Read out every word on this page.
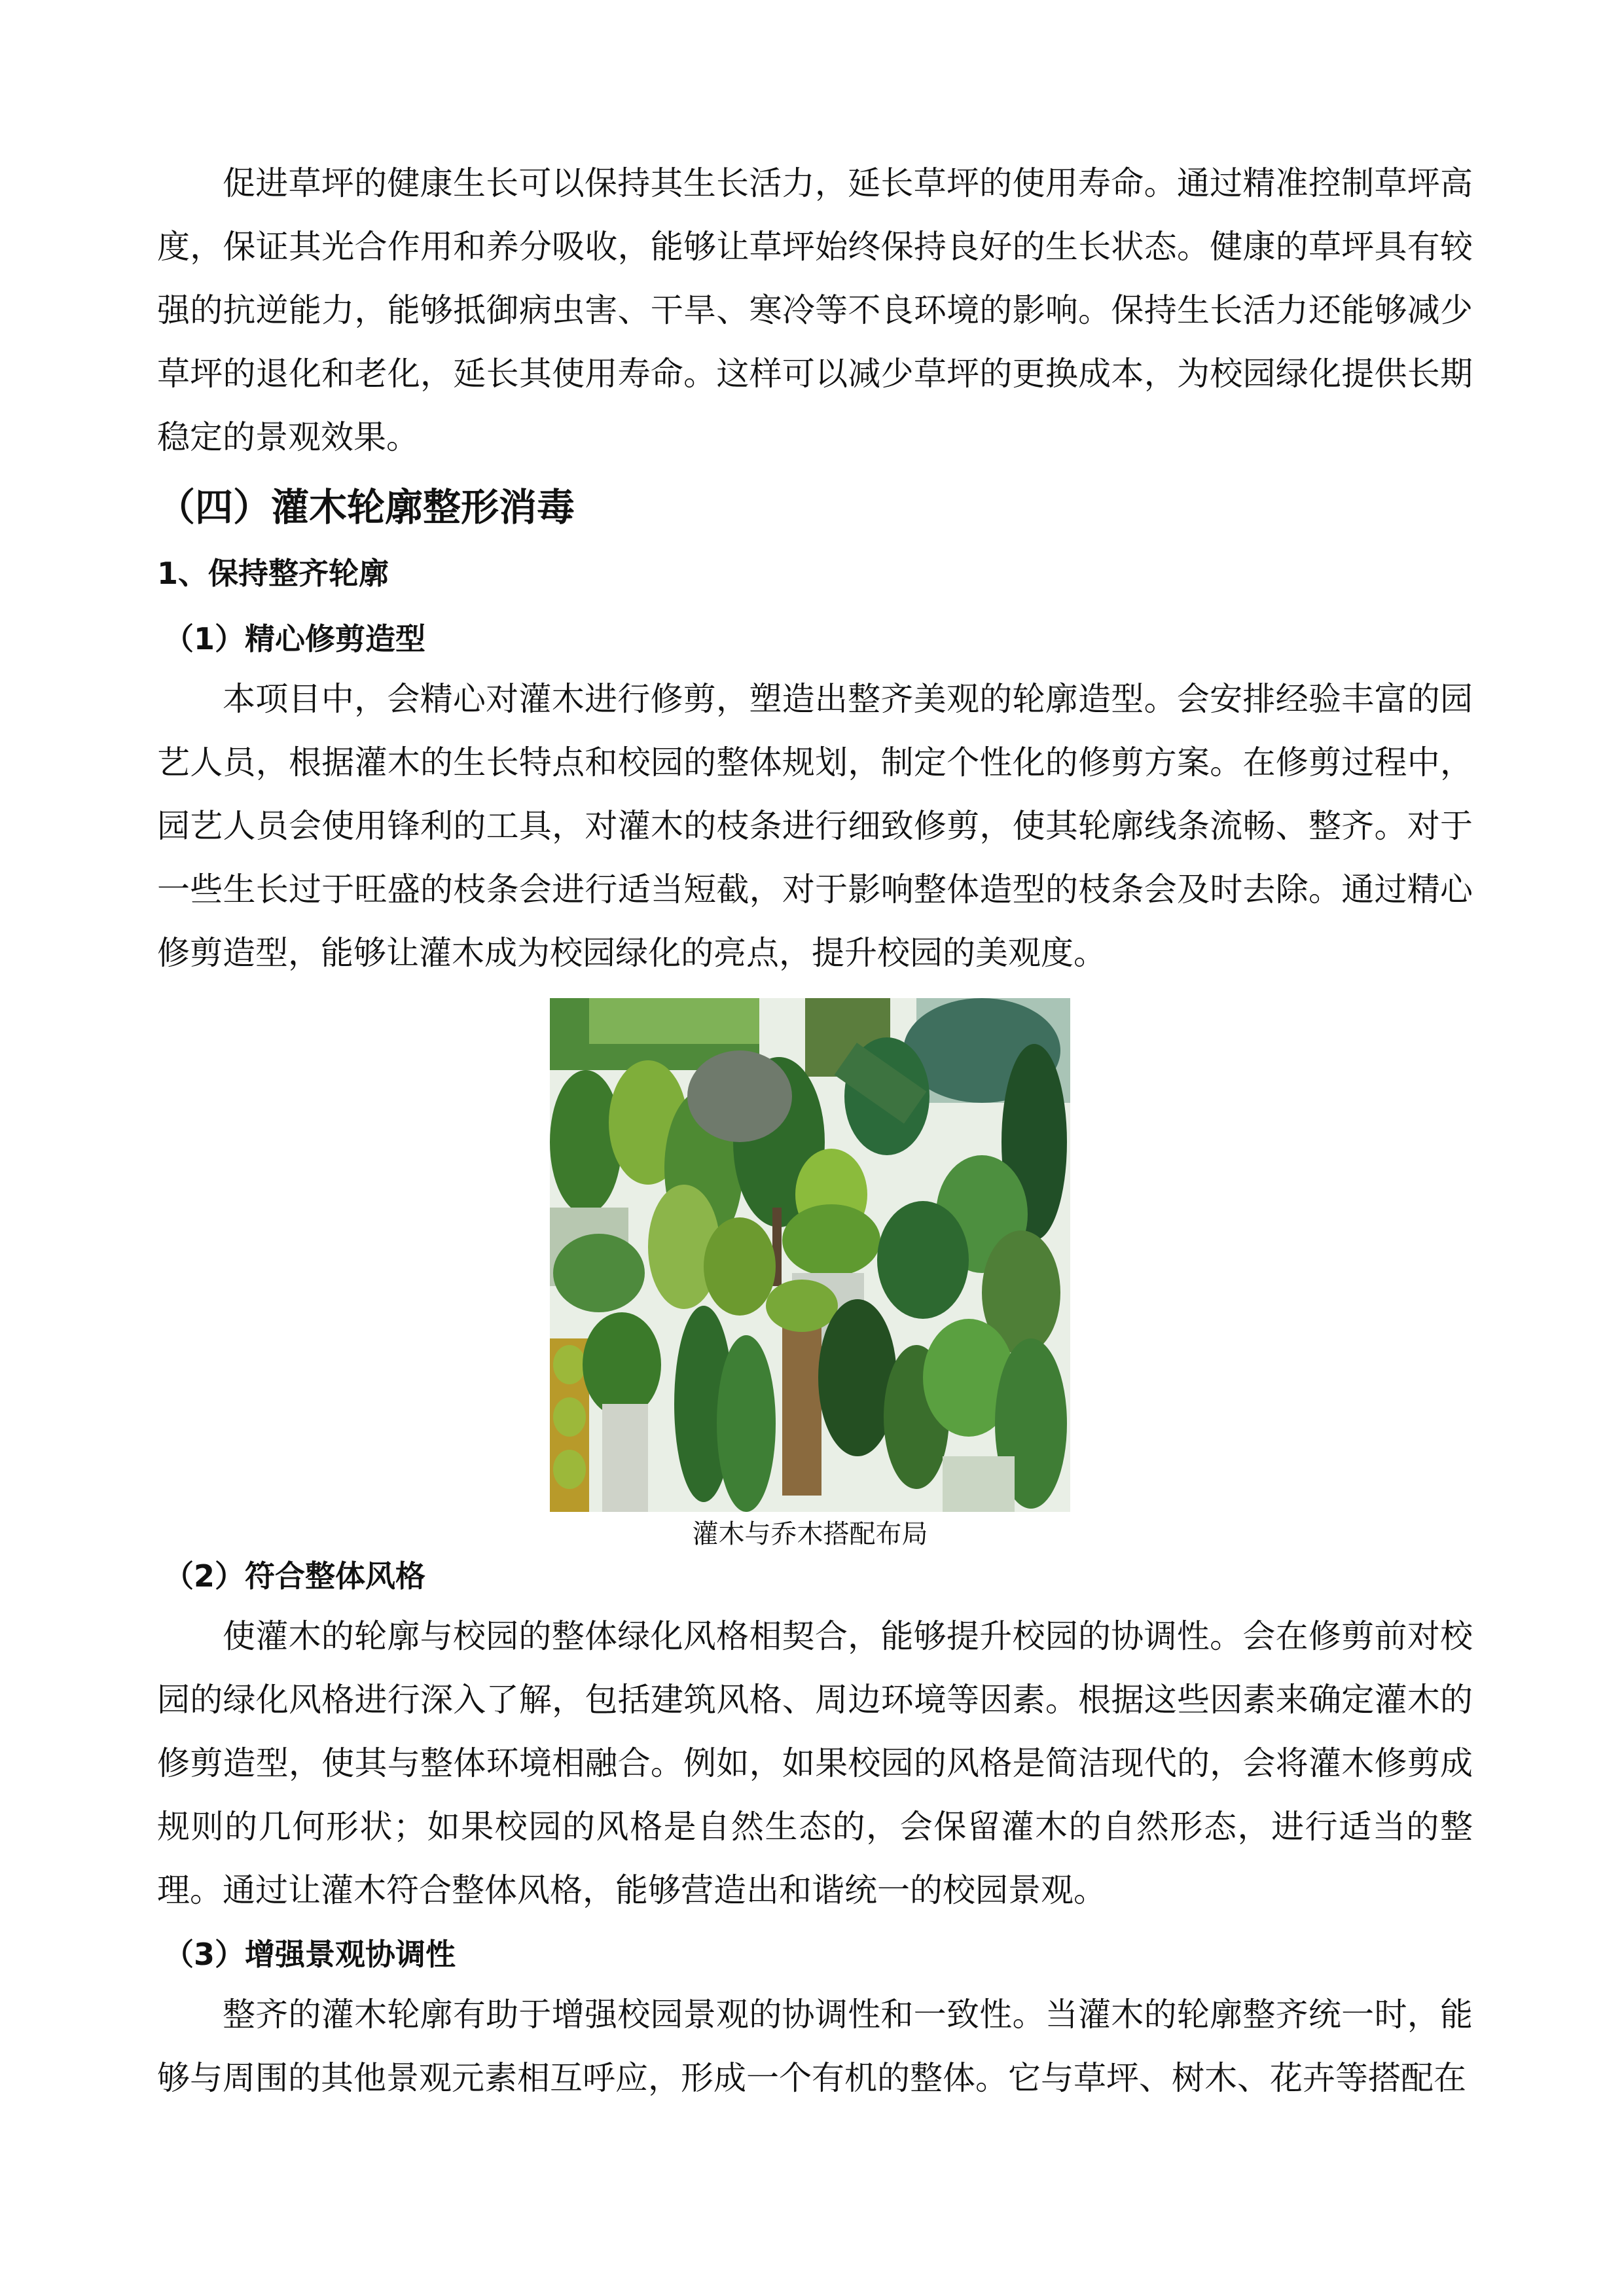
促进草坪的健康生长可以保持其生长活力，延长草坪的使用寿命。通过精准控制草坪高度，保证其光合作用和养分吸收，能够让草坪始终保持良好的生长状态。健康的草坪具有较强的抗逆能力，能够抵御病虫害、干旱、寒冷等不良环境的影响。保持生长活力还能够减少草坪的退化和老化，延长其使用寿命。这样可以减少草坪的更换成本，为校园绿化提供长期稳定的景观效果。

（四）灌木轮廓整形消毒
1、保持整齐轮廓
（1）精心修剪造型

本项目中，会精心对灌木进行修剪，塑造出整齐美观的轮廓造型。会安排经验丰富的园艺人员，根据灌木的生长特点和校园的整体规划，制定个性化的修剪方案。在修剪过程中，园艺人员会使用锋利的工具，对灌木的枝条进行细致修剪，使其轮廓线条流畅、整齐。对于一些生长过于旺盛的枝条会进行适当短截，对于影响整体造型的枝条会及时去除。通过精心修剪造型，能够让灌木成为校园绿化的亮点，提升校园的美观度。

灌木与乔木搭配布局
（2）符合整体风格

使灌木的轮廓与校园的整体绿化风格相契合，能够提升校园的协调性。会在修剪前对校园的绿化风格进行深入了解，包括建筑风格、周边环境等因素。根据这些因素来确定灌木的修剪造型，使其与整体环境相融合。例如，如果校园的风格是简洁现代的，会将灌木修剪成规则的几何形状；如果校园的风格是自然生态的，会保留灌木的自然形态，进行适当的整理。通过让灌木符合整体风格，能够营造出和谐统一的校园景观。

（3）增强景观协调性

整齐的灌木轮廓有助于增强校园景观的协调性和一致性。当灌木的轮廓整齐统一时，能够与周围的其他景观元素相互呼应，形成一个有机的整体。它与草坪、树木、花卉等搭配在
